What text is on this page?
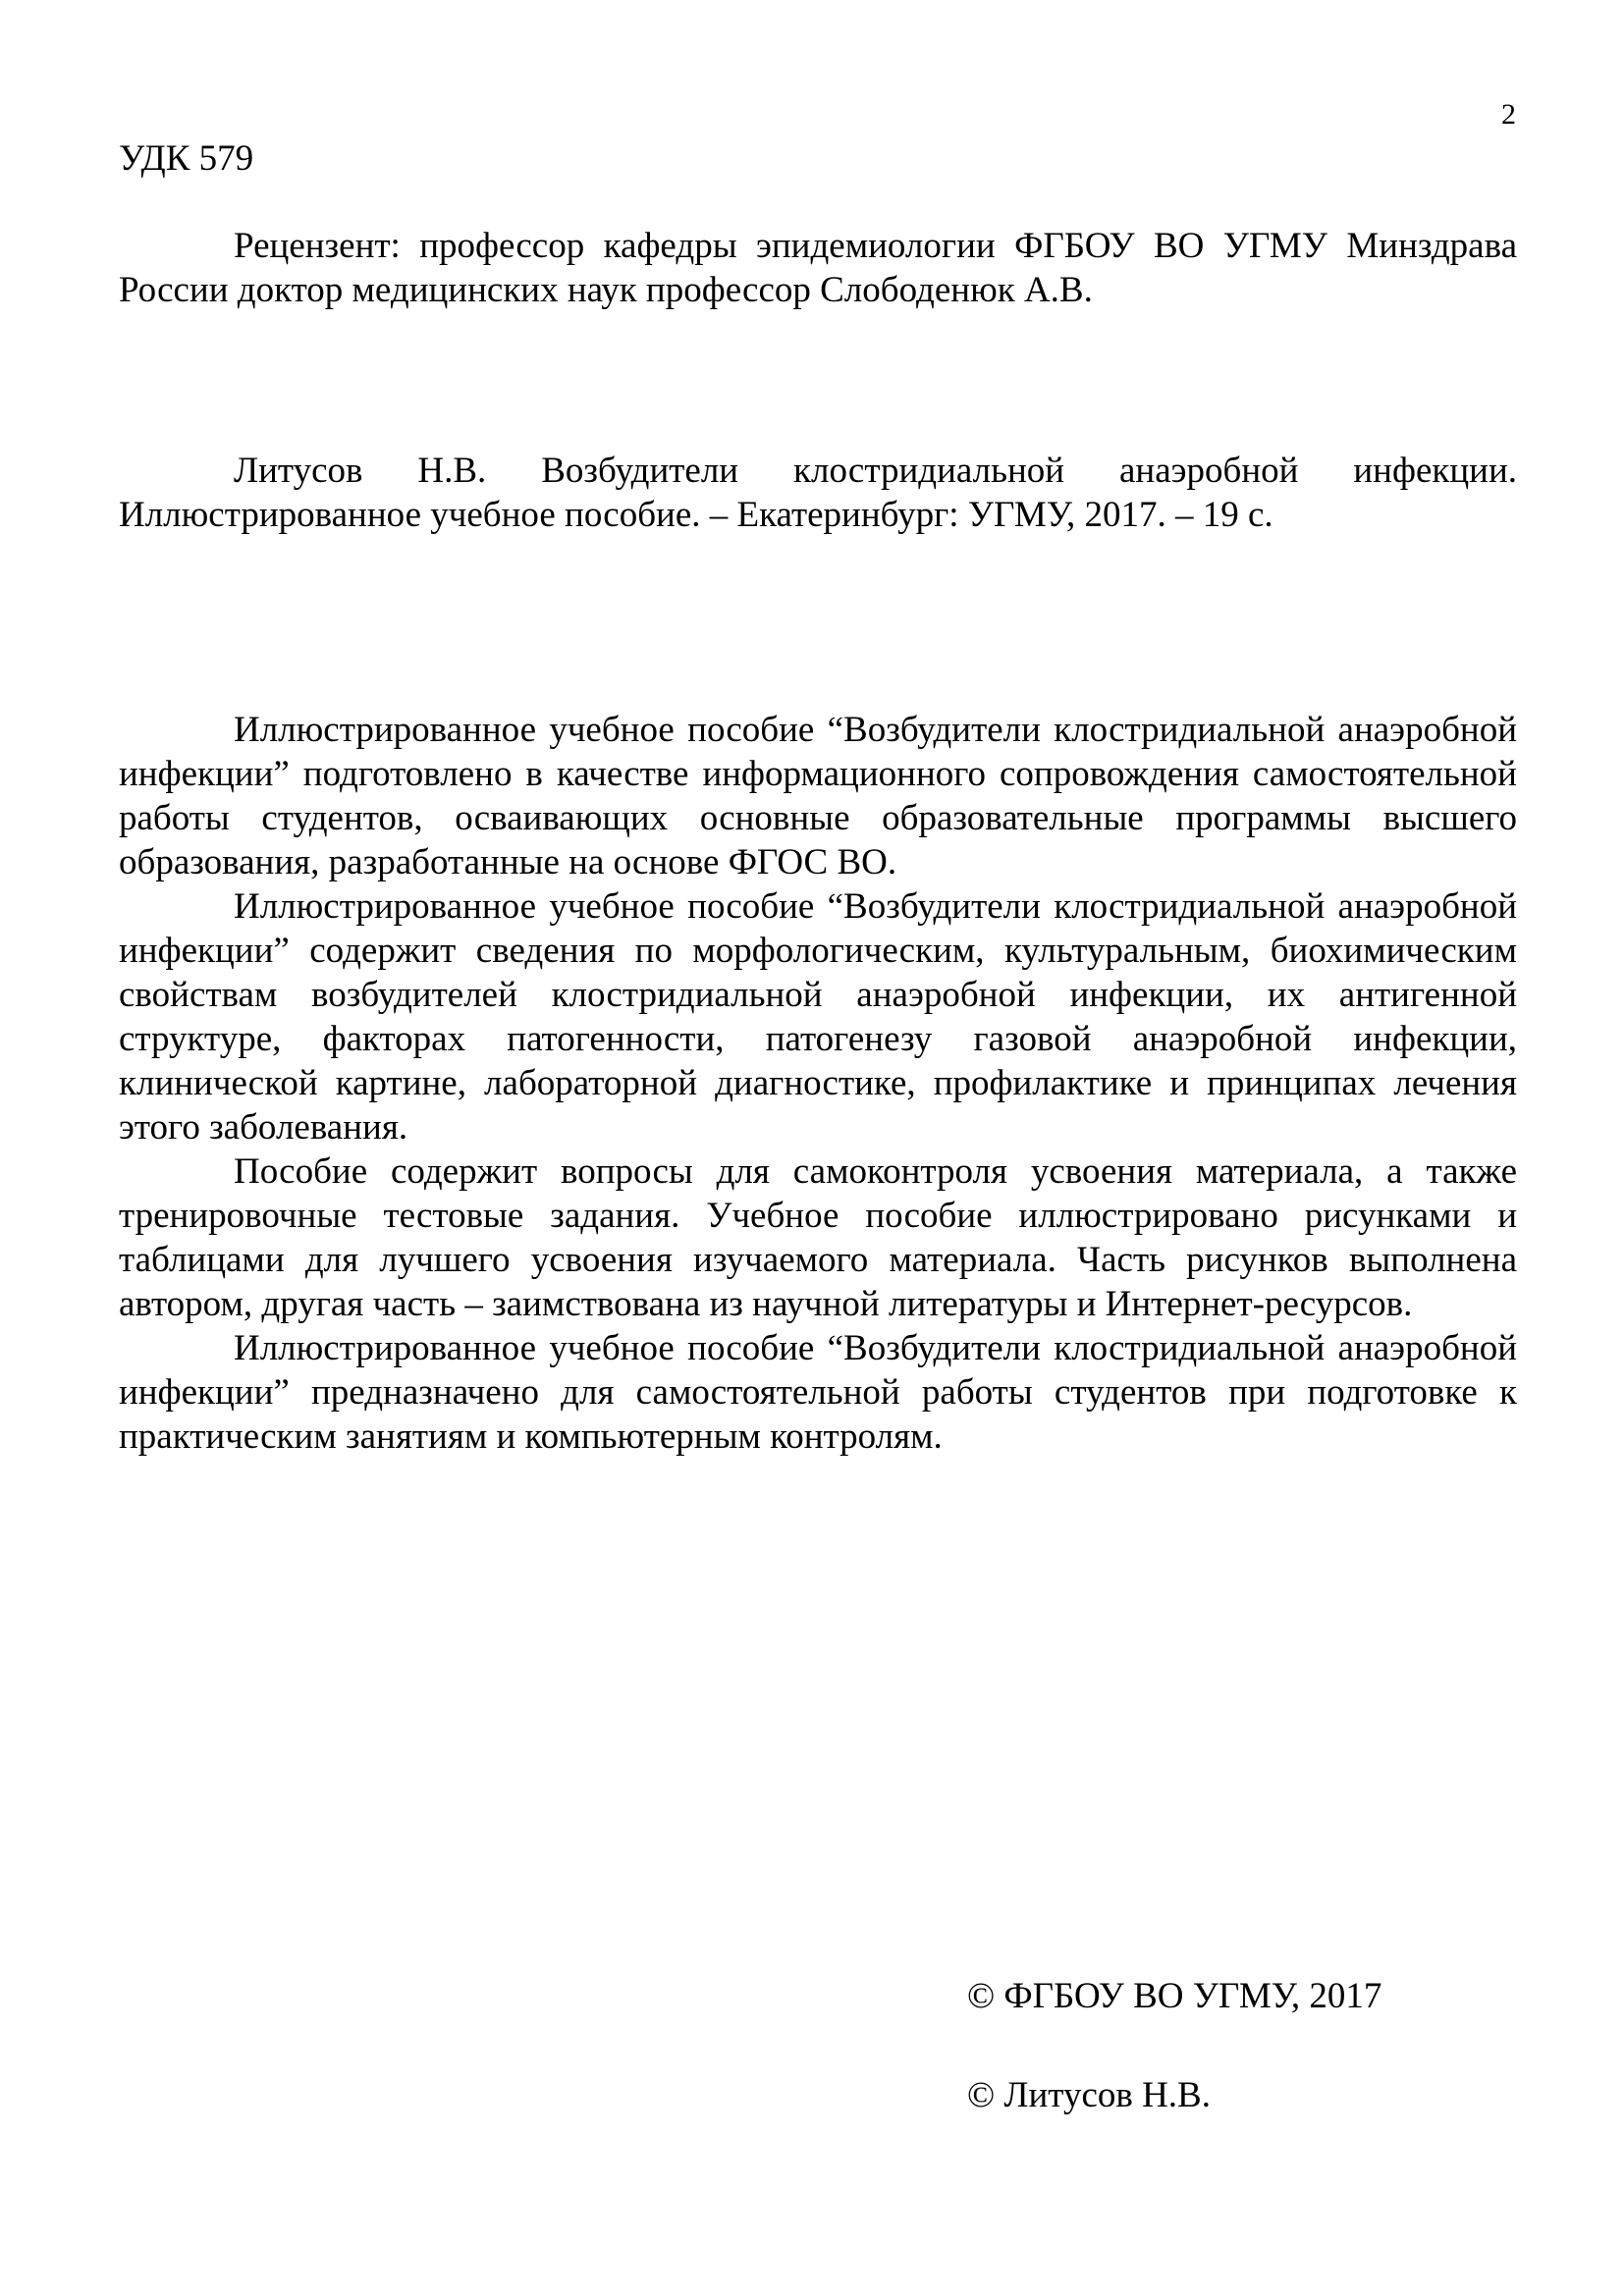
2
УДК 579

Рецензент: профессор кафедры эпидемиологии ФГБОУ ВО УГМУ Минздрава России доктор медицинских наук профессор Слободенюк А.В.

Литусов Н.В. Возбудители клостридиальной анаэробной инфекции. Иллюстрированное учебное пособие. – Екатеринбург: УГМУ, 2017. – 19 с.

Иллюстрированное учебное пособие “Возбудители клостридиальной анаэробной инфекции” подготовлено в качестве информационного сопровождения самостоятельной работы студентов, осваивающих основные образовательные программы высшего образования, разработанные на основе ФГОС ВО.

Иллюстрированное учебное пособие “Возбудители клостридиальной анаэробной инфекции” содержит сведения по морфологическим, культуральным, биохимическим свойствам возбудителей клостридиальной анаэробной инфекции, их антигенной структуре, факторах патогенности, патогенезу газовой анаэробной инфекции, клинической картине, лабораторной диагностике, профилактике и принципах лечения этого заболевания.

Пособие содержит вопросы для самоконтроля усвоения материала, а также тренировочные тестовые задания. Учебное пособие иллюстрировано рисунками и таблицами для лучшего усвоения изучаемого материала. Часть рисунков выполнена автором, другая часть – заимствована из научной литературы и Интернет-ресурсов.

Иллюстрированное учебное пособие “Возбудители клостридиальной анаэробной инфекции” предназначено для самостоятельной работы студентов при подготовке к практическим занятиям и компьютерным контролям.

© ФГБОУ ВО УГМУ, 2017
© Литусов Н.В.
